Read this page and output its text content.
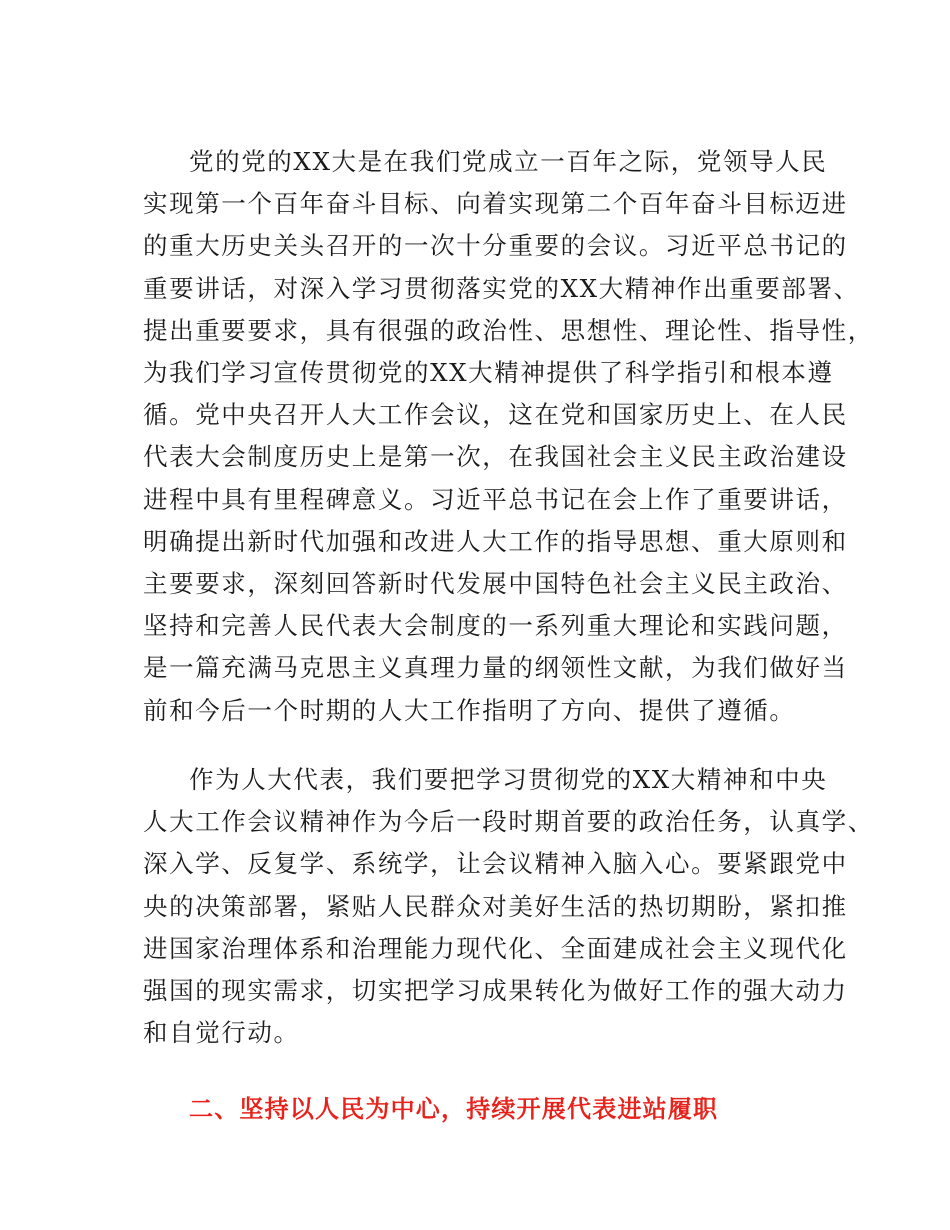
党的党的XX大是在我们党成立一百年之际，党领导人民
实现第一个百年奋斗目标、向着实现第二个百年奋斗目标迈进
的重大历史关头召开的一次十分重要的会议。习近平总书记的
重要讲话，对深入学习贯彻落实党的XX大精神作出重要部署、
提出重要要求，具有很强的政治性、思想性、理论性、指导性，
为我们学习宣传贯彻党的XX大精神提供了科学指引和根本遵
循。党中央召开人大工作会议，这在党和国家历史上、在人民
代表大会制度历史上是第一次，在我国社会主义民主政治建设
进程中具有里程碑意义。习近平总书记在会上作了重要讲话，
明确提出新时代加强和改进人大工作的指导思想、重大原则和
主要要求，深刻回答新时代发展中国特色社会主义民主政治、
坚持和完善人民代表大会制度的一系列重大理论和实践问题，
是一篇充满马克思主义真理力量的纲领性文献，为我们做好当
前和今后一个时期的人大工作指明了方向、提供了遵循。

作为人大代表，我们要把学习贯彻党的XX大精神和中央
人大工作会议精神作为今后一段时期首要的政治任务，认真学、
深入学、反复学、系统学，让会议精神入脑入心。要紧跟党中
央的决策部署，紧贴人民群众对美好生活的热切期盼，紧扣推
进国家治理体系和治理能力现代化、全面建成社会主义现代化
强国的现实需求，切实把学习成果转化为做好工作的强大动力
和自觉行动。

二、坚持以人民为中心，持续开展代表进站履职
